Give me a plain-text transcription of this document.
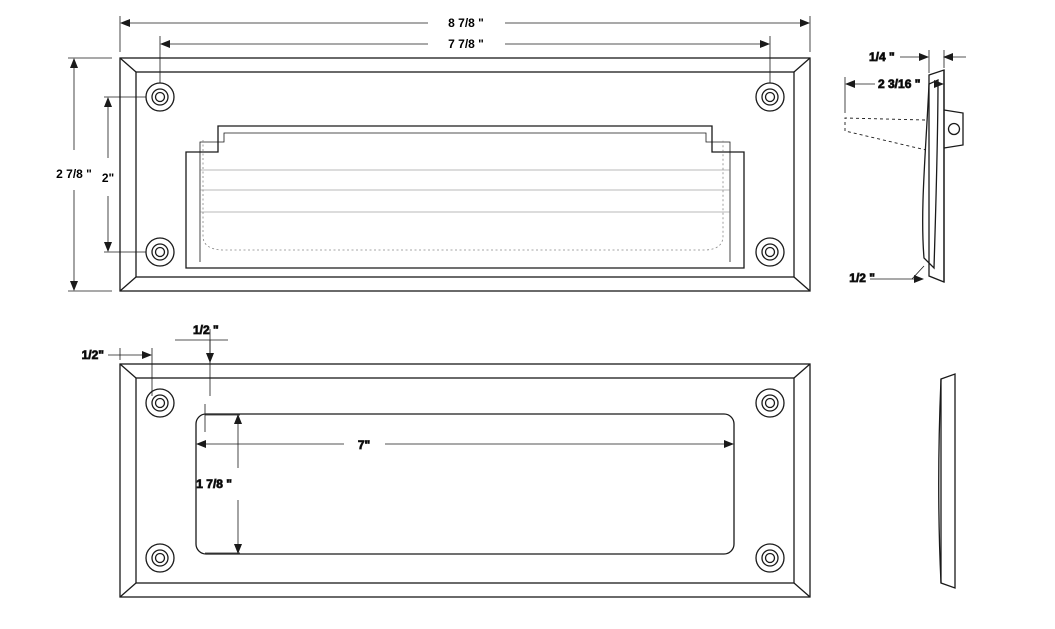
1/4 "
2 3/16 "
1/2 "
1/2"
1/2 "
7"
1 7/8 "
8 7/8 "
7 7/8 "
2 7/8 " 2"
